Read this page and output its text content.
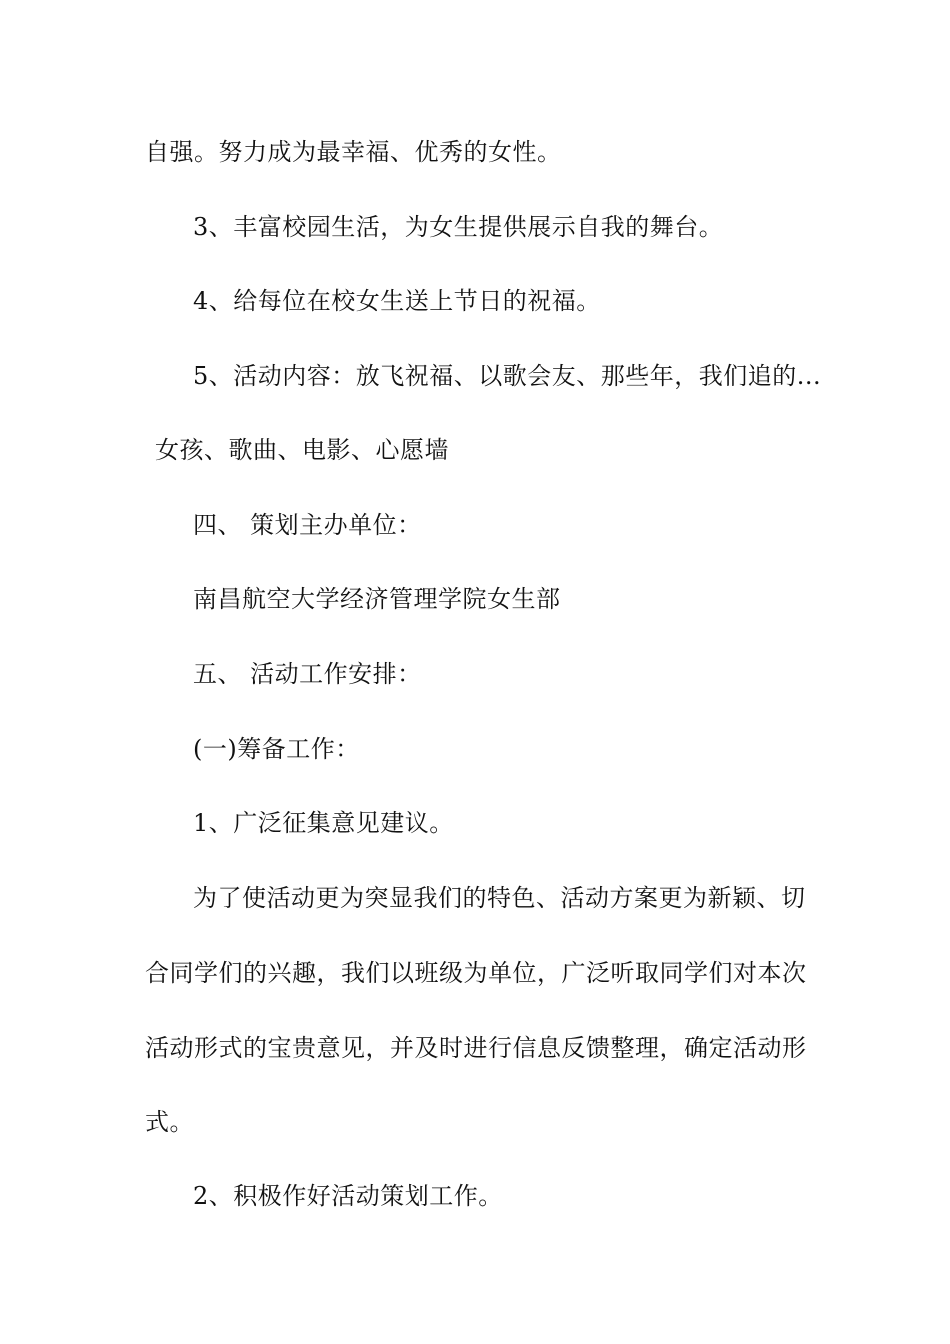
自强。努力成为最幸福、优秀的女性。
3、丰富校园生活，为女生提供展示自我的舞台。
4、给每位在校女生送上节日的祝福。
5、活动内容：放飞祝福、以歌会友、那些年，我们追的...
女孩、歌曲、电影、心愿墙
四、 策划主办单位：
南昌航空大学经济管理学院女生部
五、 活动工作安排：
(一)筹备工作：
1、广泛征集意见建议。
为了使活动更为突显我们的特色、活动方案更为新颖、切
合同学们的兴趣，我们以班级为单位，广泛听取同学们对本次
活动形式的宝贵意见，并及时进行信息反馈整理，确定活动形
式。
2、积极作好活动策划工作。
